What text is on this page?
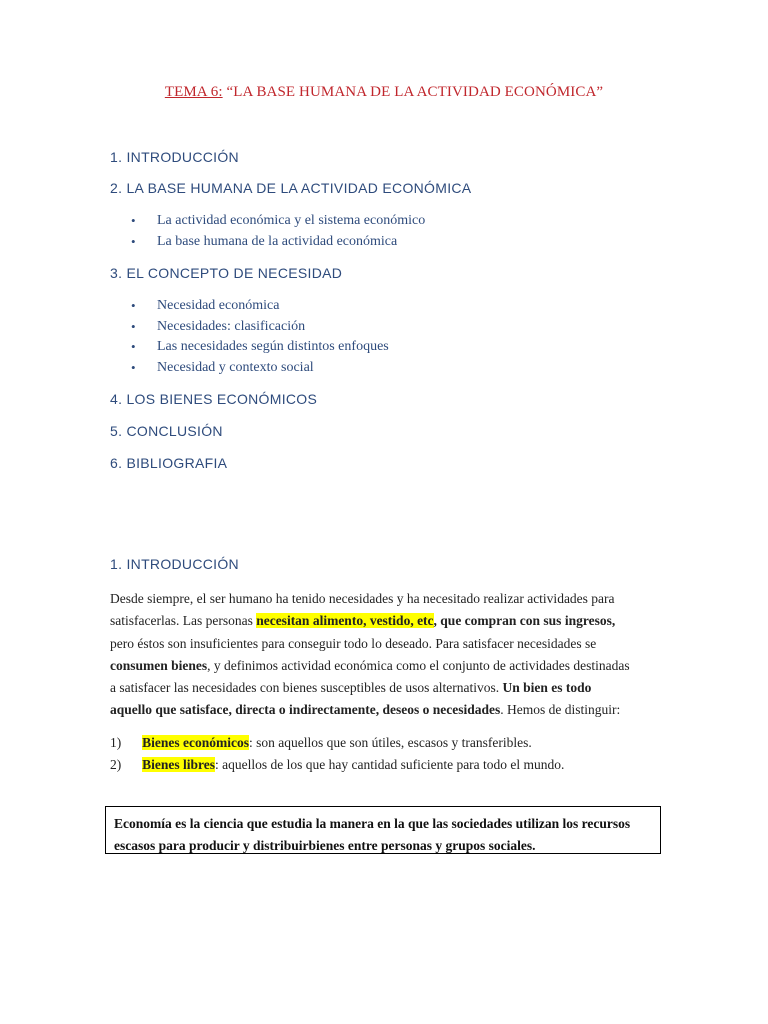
TEMA 6: “LA BASE HUMANA DE LA ACTIVIDAD ECONÓMICA”
1. INTRODUCCIÓN
2. LA BASE HUMANA DE LA ACTIVIDAD ECONÓMICA
• La actividad económica y el sistema económico
• La base humana de la actividad económica
3. EL CONCEPTO DE NECESIDAD
• Necesidad económica
• Necesidades: clasificación
• Las necesidades según distintos enfoques
• Necesidad y contexto social
4. LOS BIENES ECONÓMICOS
5. CONCLUSIÓN
6. BIBLIOGRAFIA
1. INTRODUCCIÓN
Desde siempre, el ser humano ha tenido necesidades y ha necesitado realizar actividades para
satisfacerlas. Las personas necesitan alimento, vestido, etc, que compran con sus ingresos,
pero éstos son insuficientes para conseguir todo lo deseado. Para satisfacer necesidades se
consumen bienes, y definimos actividad económica como el conjunto de actividades destinadas
a satisfacer las necesidades con bienes susceptibles de usos alternativos. Un bien es todo
aquello que satisface, directa o indirectamente, deseos o necesidades. Hemos de distinguir:
1) Bienes económicos: son aquellos que son útiles, escasos y transferibles.
2) Bienes libres: aquellos de los que hay cantidad suficiente para todo el mundo.
Economía es la ciencia que estudia la manera en la que las sociedades utilizan los recursos
escasos para producir y distribuirbienes entre personas y grupos sociales.
